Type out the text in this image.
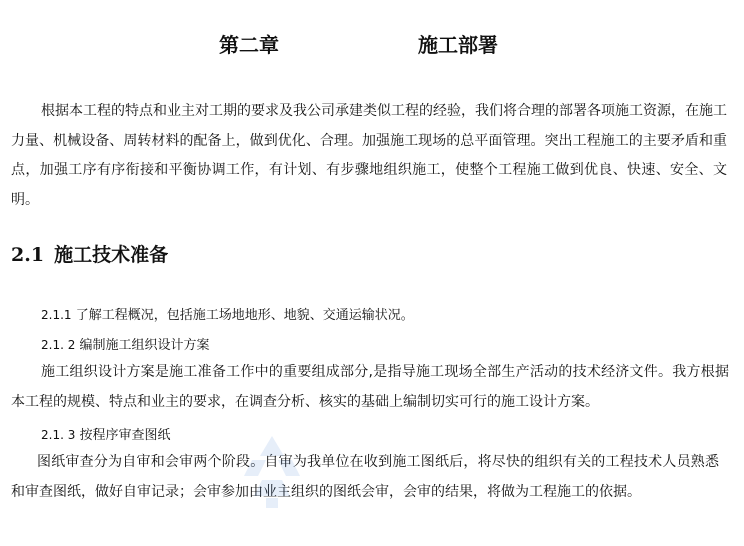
第二章	施工部署

根据本工程的特点和业主对工期的要求及我公司承建类似工程的经验，我们将合理的部署各项施工资源，在施工力量、机械设备、周转材料的配备上，做到优化、合理。加强施工现场的总平面管理。突出工程施工的主要矛盾和重点，加强工序有序衔接和平衡协调工作，有计划、有步骤地组织施工，使整个工程施工做到优良、快速、安全、文明。

2.1 施工技术准备
2.1.1 了解工程概况，包括施工场地地形、地貌、交通运输状况。
2.1. 2 编制施工组织设计方案

施工组织设计方案是施工准备工作中的重要组成部分,是指导施工现场全部生产活动的技术经济文件。我方根据本工程的规模、特点和业主的要求，在调查分析、核实的基础上编制切实可行的施工设计方案。

2.1. 3 按程序审查图纸

图纸审查分为自审和会审两个阶段。自审为我单位在收到施工图纸后，将尽快的组织有关的工程技术人员熟悉和审查图纸，做好自审记录；会审参加由业主组织的图纸会审，会审的结果，将做为工程施工的依据。
